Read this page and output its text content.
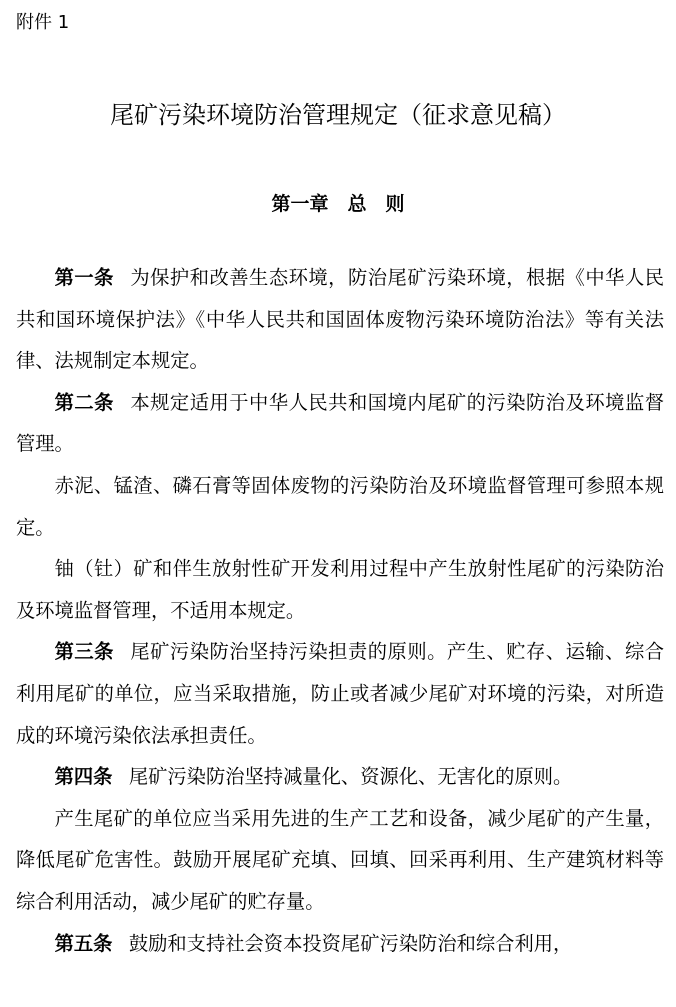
附件 1
尾矿污染环境防治管理规定（征求意见稿）
第一章　总　则

第一条 为保护和改善生态环境，防治尾矿污染环境，根据《中华人民共和国环境保护法》《中华人民共和国固体废物污染环境防治法》等有关法律、法规制定本规定。

第二条 本规定适用于中华人民共和国境内尾矿的污染防治及环境监督管理。

赤泥、锰渣、磷石膏等固体废物的污染防治及环境监督管理可参照本规定。

铀（钍）矿和伴生放射性矿开发利用过程中产生放射性尾矿的污染防治及环境监督管理，不适用本规定。

第三条 尾矿污染防治坚持污染担责的原则。产生、贮存、运输、综合利用尾矿的单位，应当采取措施，防止或者减少尾矿对环境的污染，对所造成的环境污染依法承担责任。

第四条 尾矿污染防治坚持减量化、资源化、无害化的原则。

产生尾矿的单位应当采用先进的生产工艺和设备，减少尾矿的产生量，降低尾矿危害性。鼓励开展尾矿充填、回填、回采再利用、生产建筑材料等综合利用活动，减少尾矿的贮存量。

第五条 鼓励和支持社会资本投资尾矿污染防治和综合利用，
